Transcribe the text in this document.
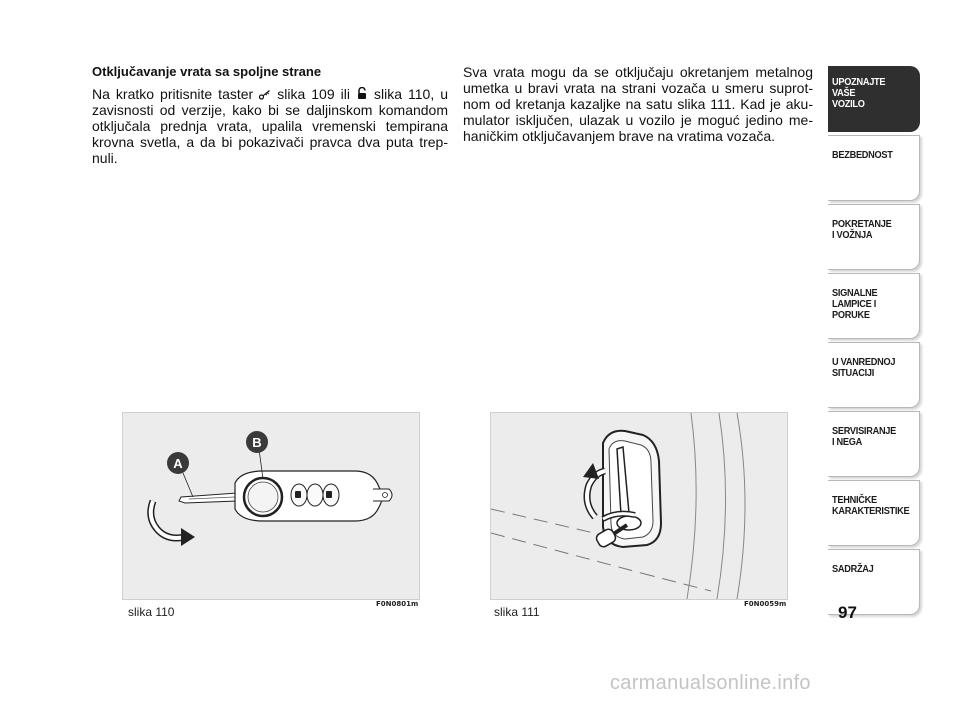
Otključavanje vrata sa spoljne strane

Na kratko pritisnite taster slika 109 ili slika 110, u zavisnosti od verzije, kako bi se daljinskom komandom otključala prednja vrata, upalila vremenski tempirana krovna svetla, a da bi pokazivači pravca dva puta trep-nuli.

Sva vrata mogu da se otključaju okretanjem metalnog umetka u bravi vrata na strani vozača u smeru suprot-nom od kretanja kazaljke na satu slika 111. Kad je aku-mulator isključen, ulazak u vozilo je moguć jedino me-haničkim otključavanjem brave na vratima vozača.

A
B
slika 110
F0N0801m
slika 111
F0N0059m
UPOZNAJTE
VAŠE
VOZILO
BEZBEDNOST
POKRETANJE
I VOŽNJA
SIGNALNE
LAMPICE I PORUKE
U VANREDNOJ
SITUACIJI
SERVISIRANJE
I NEGA
TEHNIČKE
KARAKTERISTIKE
SADRŽAJ
97
carmanualsonline.info
